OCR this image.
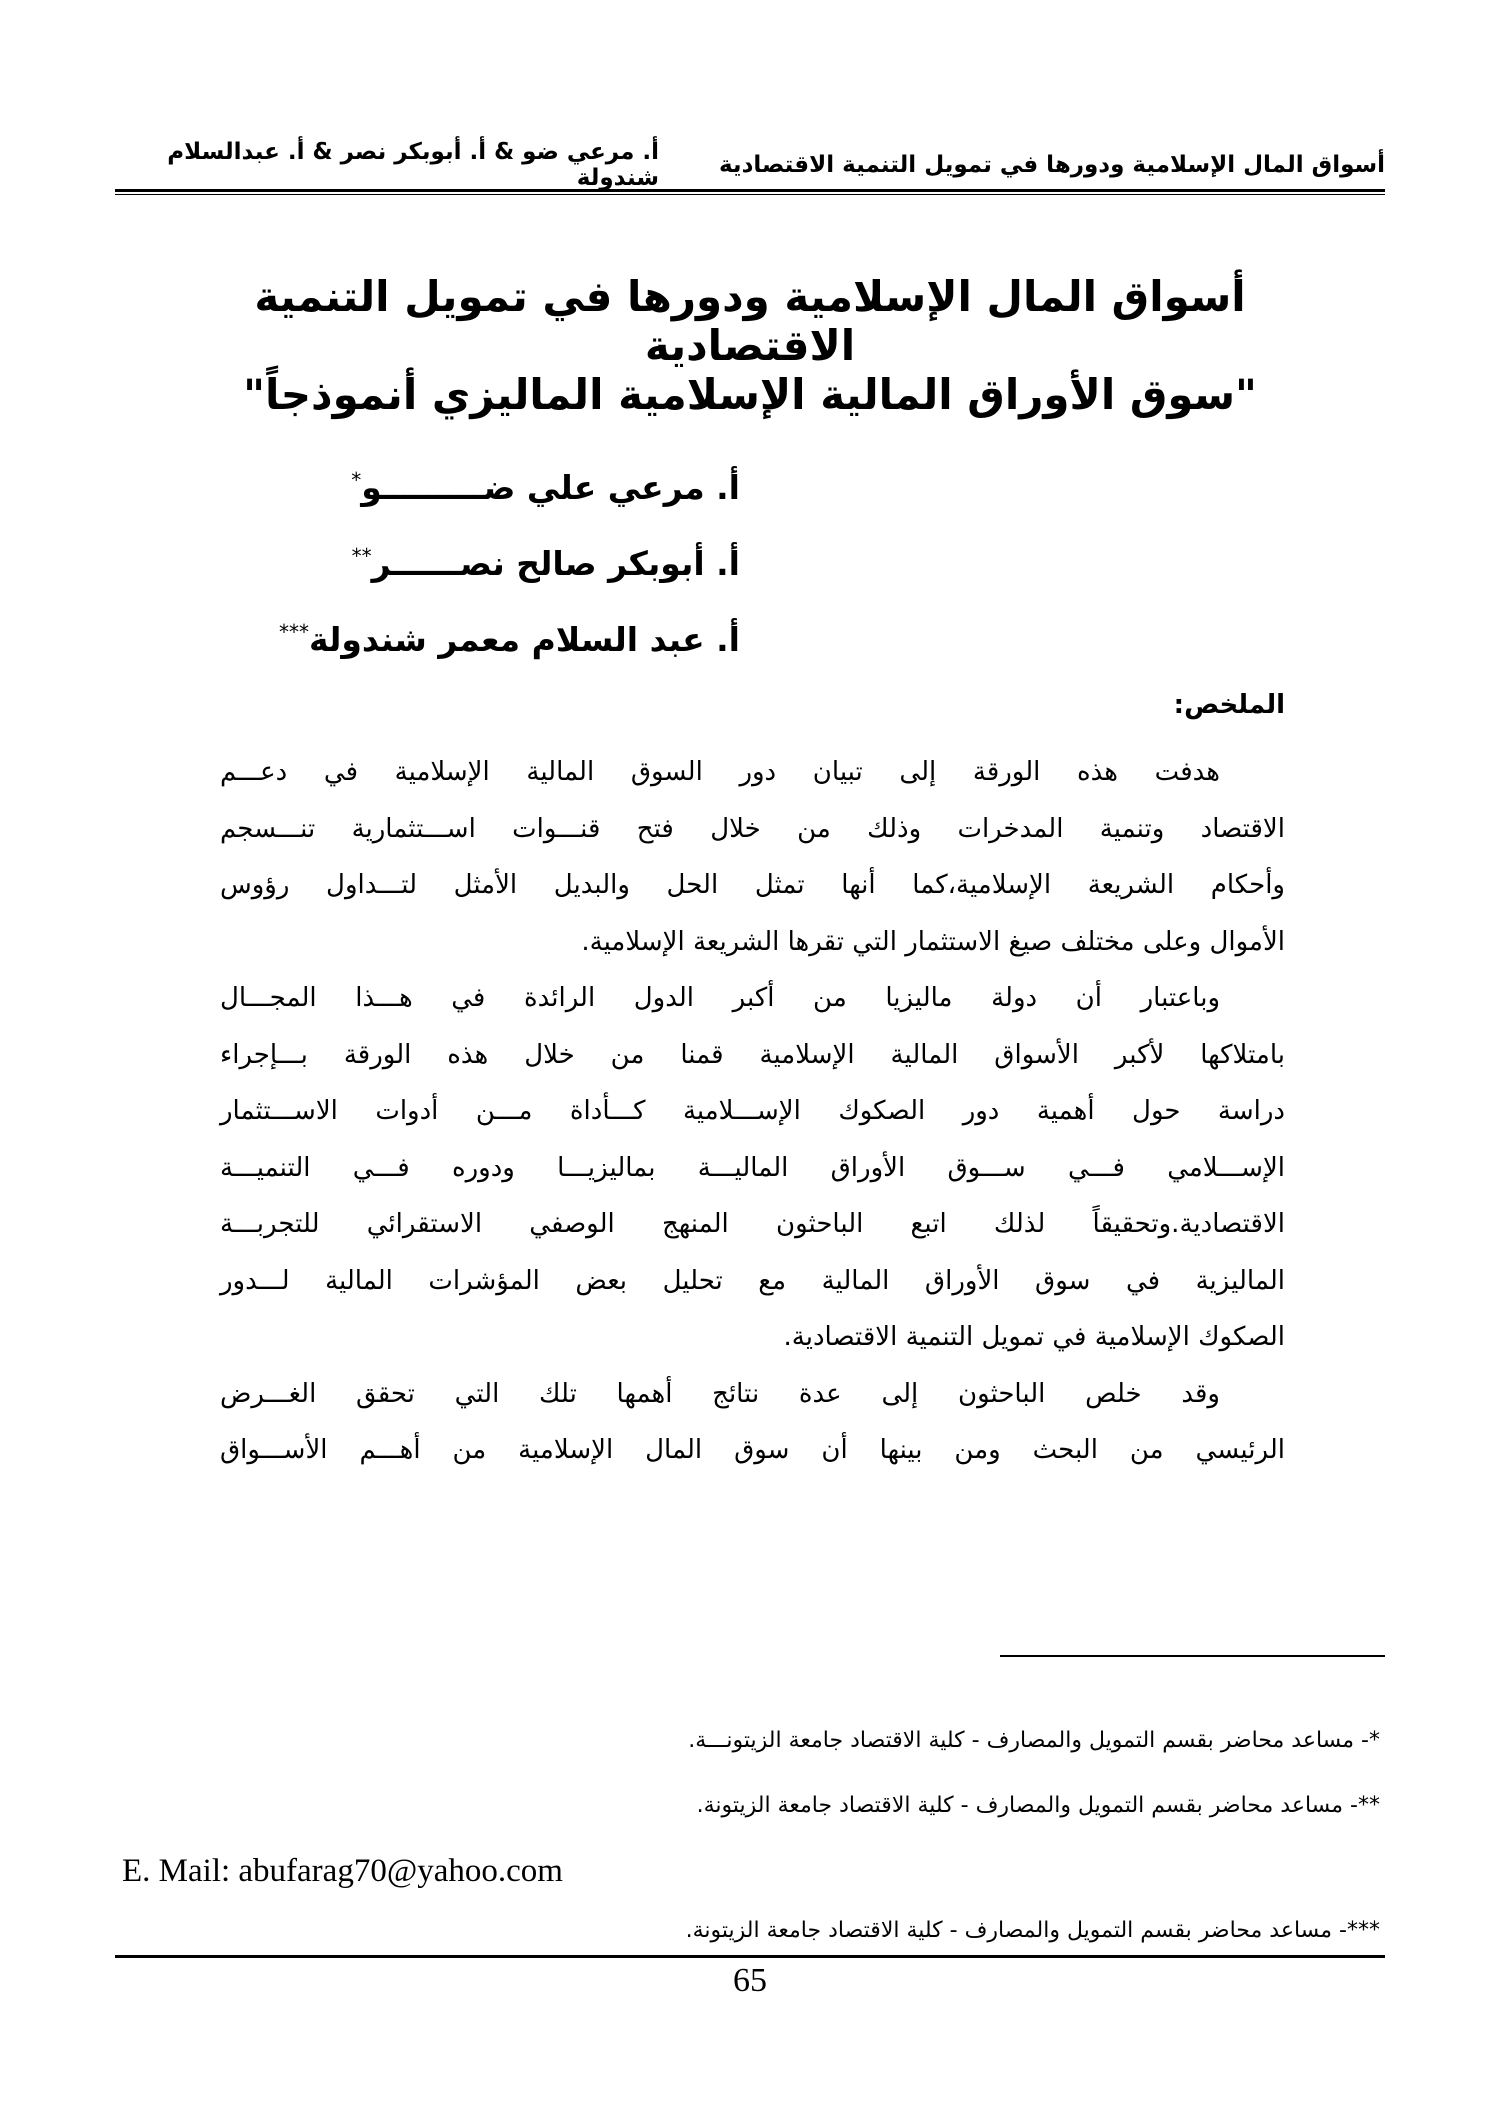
أسواق المال الإسلامية ودورها في تمويل التنمية الاقتصادية
أ. مرعي ضو & أ. أبوبكر نصر & أ. عبدالسلام شندولة
أسواق المال الإسلامية ودورها في تمويل التنمية الاقتصادية
"سوق الأوراق المالية الإسلامية الماليزي أنموذجاً"
أ. مرعي علي ضـــــــــو*
أ. أبوبكر صالح نصــــــر**
أ. عبد السلام معمر شندولة***
الملخص:
هدفت هذه الورقة إلى تبيان دور السوق المالية الإسلامية في دعـــم
الاقتصاد وتنمية المدخرات وذلك من خلال فتح قنـــوات اســـتثمارية تنـــسجم
وأحكام الشريعة الإسلامية،كما أنها تمثل الحل والبديل الأمثل لتـــداول رؤوس
الأموال وعلى مختلف صيغ الاستثمار التي تقرها الشريعة الإسلامية.
وباعتبار أن دولة ماليزيا من أكبر الدول الرائدة في هـــذا المجـــال
بامتلاكها لأكبر الأسواق المالية الإسلامية قمنا من خلال هذه الورقة بـــإجراء
دراسة حول أهمية دور الصكوك الإســـلامية كـــأداة مـــن أدوات الاســـتثمار
الإســـلامي فـــي ســـوق الأوراق الماليـــة بماليزيـــا ودوره فـــي التنميـــة
الاقتصادية.وتحقيقاً لذلك اتبع الباحثون المنهج الوصفي الاستقرائي للتجربـــة
الماليزية في سوق الأوراق المالية مع تحليل بعض المؤشرات المالية لـــدور
الصكوك الإسلامية في تمويل التنمية الاقتصادية.
وقد خلص الباحثون إلى عدة نتائج أهمها تلك التي تحقق الغـــرض
الرئيسي من البحث ومن بينها أن سوق المال الإسلامية من أهـــم الأســـواق
*- مساعد محاضر بقسم التمويل والمصارف - كلية الاقتصاد جامعة الزيتونـــة.
**- مساعد محاضر بقسم التمويل والمصارف - كلية الاقتصاد جامعة الزيتونة.
E. Mail: abufarag70@yahoo.com
***- مساعد محاضر بقسم التمويل والمصارف - كلية الاقتصاد جامعة الزيتونة.
65
